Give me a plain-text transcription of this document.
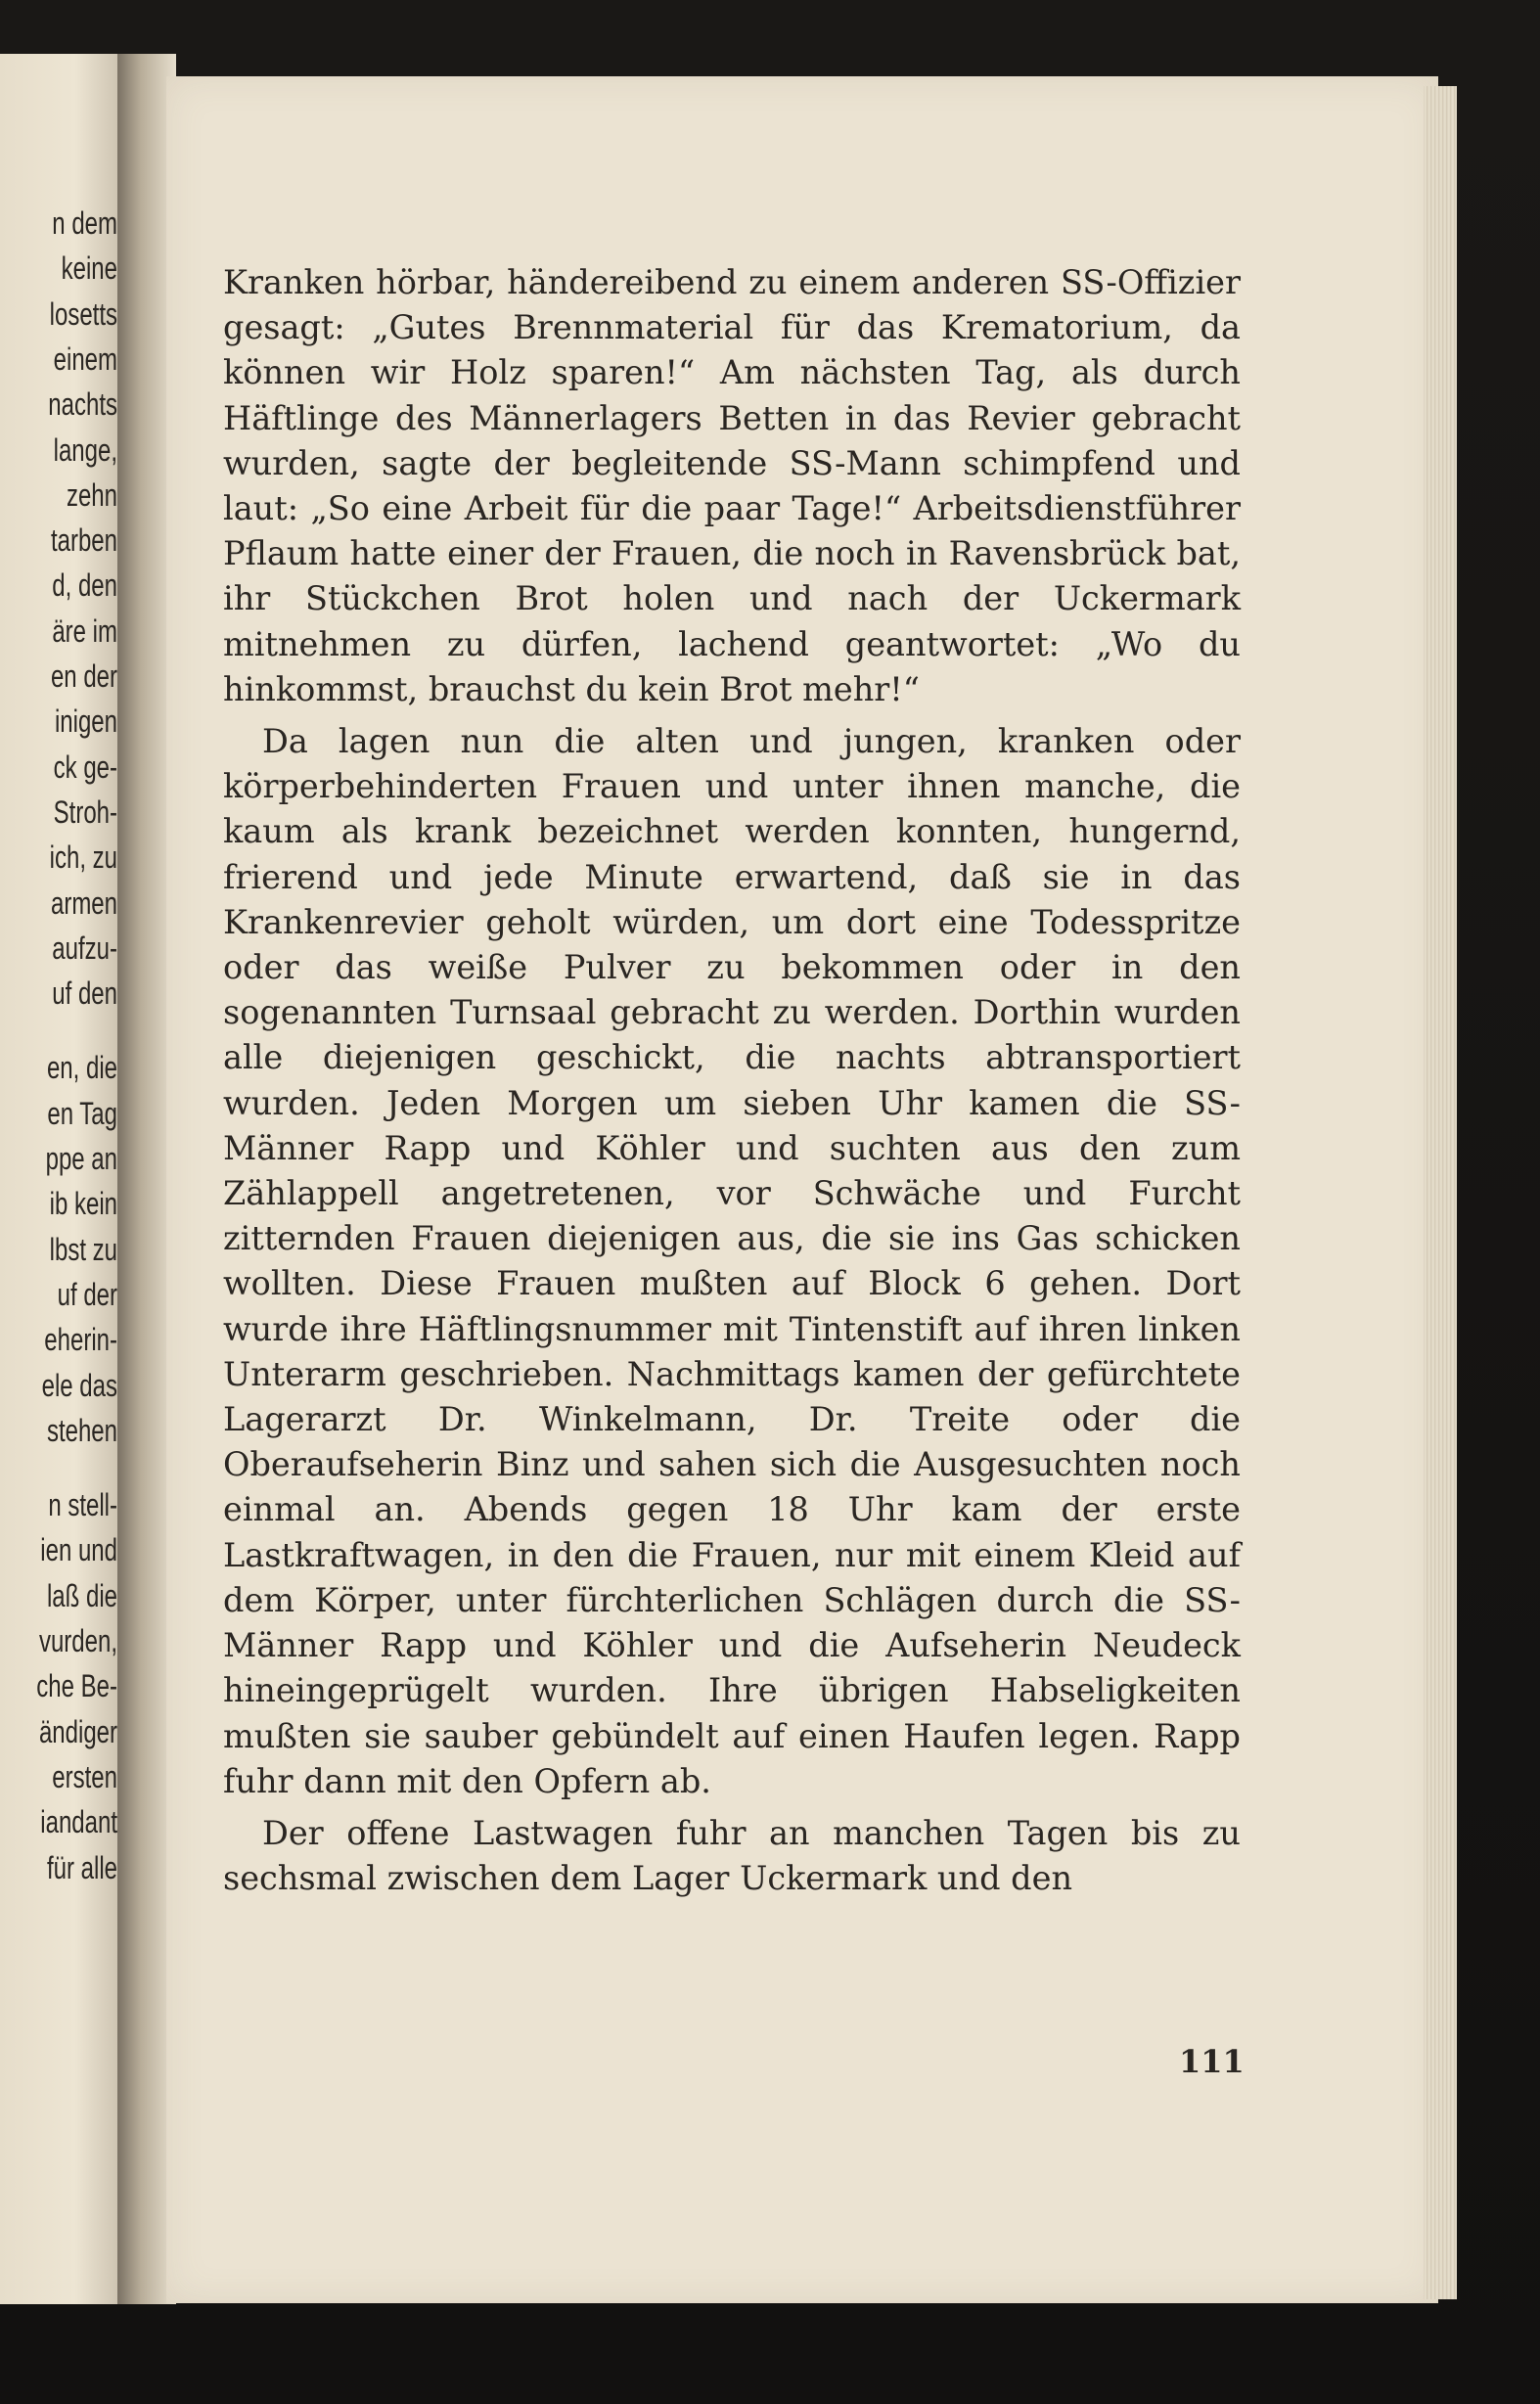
n dem
keine
losetts
einem
nachts
lange,
zehn
tarben
d, den
äre im
en der
inigen
ck ge-
Stroh-
ich, zu
armen
aufzu-
uf den
en, die
en Tag
ppe an
ib kein
lbst zu
uf der
eherin-
ele das
stehen
n stell-
ien und
laß die
vurden,
che Be-
ändiger
ersten
iandant
für alle

Kranken hörbar, händereibend zu einem anderen SS-Offizier gesagt: „Gutes Brennmaterial für das Krematorium, da können wir Holz sparen!“ Am nächsten Tag, als durch Häftlinge des Männerlagers Betten in das Revier gebracht wurden, sagte der begleitende SS-Mann schimpfend und laut: „So eine Arbeit für die paar Tage!“ Arbeitsdienstführer Pflaum hatte einer der Frauen, die noch in Ravensbrück bat, ihr Stückchen Brot holen und nach der Uckermark mitnehmen zu dürfen, lachend geantwortet: „Wo du hinkommst, brauchst du kein Brot mehr!“

Da lagen nun die alten und jungen, kranken oder körperbehinderten Frauen und unter ihnen manche, die kaum als krank bezeichnet werden konnten, hungernd, frierend und jede Minute erwartend, daß sie in das Krankenrevier geholt würden, um dort eine Todesspritze oder das weiße Pulver zu bekommen oder in den sogenannten Turnsaal gebracht zu werden. Dorthin wurden alle diejenigen geschickt, die nachts abtransportiert wurden. Jeden Morgen um sieben Uhr kamen die SS-Männer Rapp und Köhler und suchten aus den zum Zählappell angetretenen, vor Schwäche und Furcht zitternden Frauen diejenigen aus, die sie ins Gas schicken wollten. Diese Frauen mußten auf Block 6 gehen. Dort wurde ihre Häftlingsnummer mit Tintenstift auf ihren linken Unterarm geschrieben. Nachmittags kamen der gefürchtete Lagerarzt Dr. Winkelmann, Dr. Treite oder die Oberaufseherin Binz und sahen sich die Ausgesuchten noch einmal an. Abends gegen 18 Uhr kam der erste Lastkraftwagen, in den die Frauen, nur mit einem Kleid auf dem Körper, unter fürchterlichen Schlägen durch die SS-Männer Rapp und Köhler und die Aufseherin Neudeck hineingeprügelt wurden. Ihre übrigen Habseligkeiten mußten sie sauber gebündelt auf einen Haufen legen. Rapp fuhr dann mit den Opfern ab.

Der offene Lastwagen fuhr an manchen Tagen bis zu sechsmal zwischen dem Lager Uckermark und den

111
